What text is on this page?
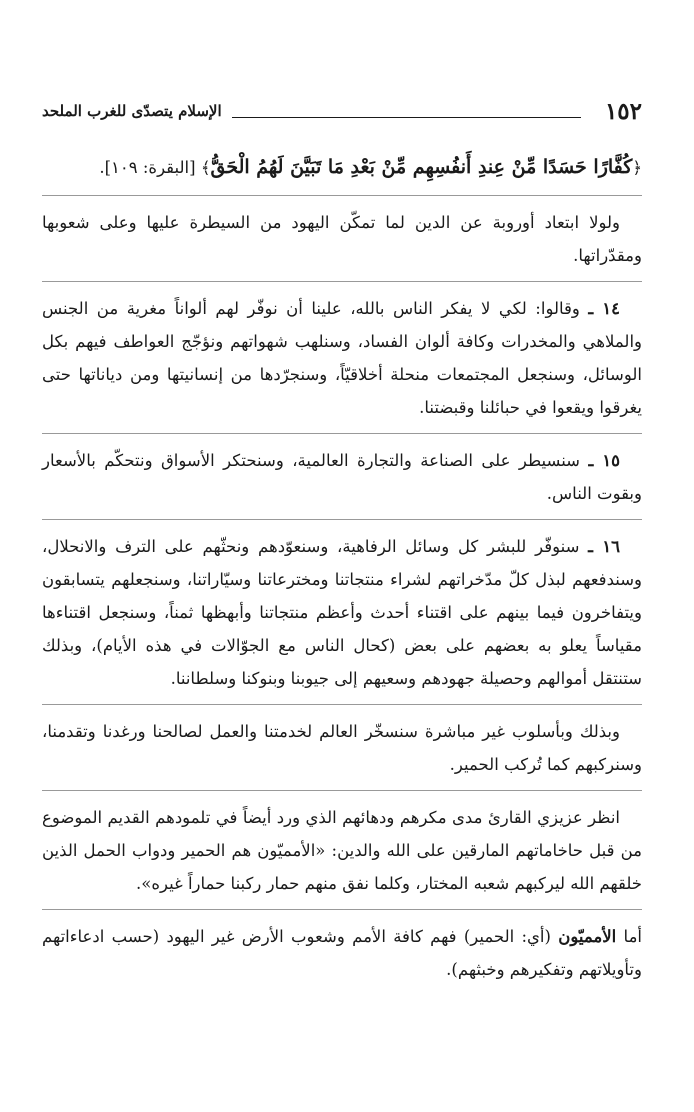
١٥٢
الإسلام يتصدّى للغرب الملحد
﴿كُفَّارًا حَسَدًا مِّنْ عِندِ أَنفُسِهِم مِّنْ بَعْدِ مَا تَبَيَّنَ لَهُمُ الْحَقُّ﴾ [البقرة: ١٠٩].

ولولا ابتعاد أوروبة عن الدين لما تمكّن اليهود من السيطرة عليها وعلى شعوبها ومقدّراتها.

١٤ ـ وقالوا: لكي لا يفكر الناس بالله، علينا أن نوفّر لهم ألواناً مغرية من الجنس والملاهي والمخدرات وكافة ألوان الفساد، وسنلهب شهواتهم ونؤجّج العواطف فيهم بكل الوسائل، وسنجعل المجتمعات منحلة أخلاقيّاً، وسنجرّدها من إنسانيتها ومن دياناتها حتى يغرقوا ويقعوا في حبائلنا وقبضتنا.

١٥ ـ سنسيطر على الصناعة والتجارة العالمية، وسنحتكر الأسواق ونتحكّم بالأسعار وبقوت الناس.

١٦ ـ سنوفّر للبشر كل وسائل الرفاهية، وسنعوّدهم ونحثّهم على الترف والانحلال، وسندفعهم لبذل كلّ مدّخراتهم لشراء منتجاتنا ومخترعاتنا وسيّاراتنا، وسنجعلهم يتسابقون ويتفاخرون فيما بينهم على اقتناء أحدث وأعظم منتجاتنا وأبهظها ثمناً، وسنجعل اقتناءها مقياساً يعلو به بعضهم على بعض (كحال الناس مع الجوّالات في هذه الأيام)، وبذلك ستنتقل أموالهم وحصيلة جهودهم وسعيهم إلى جيوبنا وبنوكنا وسلطاننا.

وبذلك وبأسلوب غير مباشرة سنسخّر العالم لخدمتنا والعمل لصالحنا ورغدنا وتقدمنا، وسنركبهم كما تُركب الحمير.

انظر عزيزي القارئ مدى مكرهم ودهائهم الذي ورد أيضاً في تلمودهم القديم الموضوع من قبل حاخاماتهم المارقين على الله والدين: «الأمميّون هم الحمير ودواب الحمل الذين خلقهم الله ليركبهم شعبه المختار، وكلما نفق منهم حمار ركبنا حماراً غيره».

أما الأمميّون (أي: الحمير) فهم كافة الأمم وشعوب الأرض غير اليهود (حسب ادعاءاتهم وتأويلاتهم وتفكيرهم وخبثهم).
